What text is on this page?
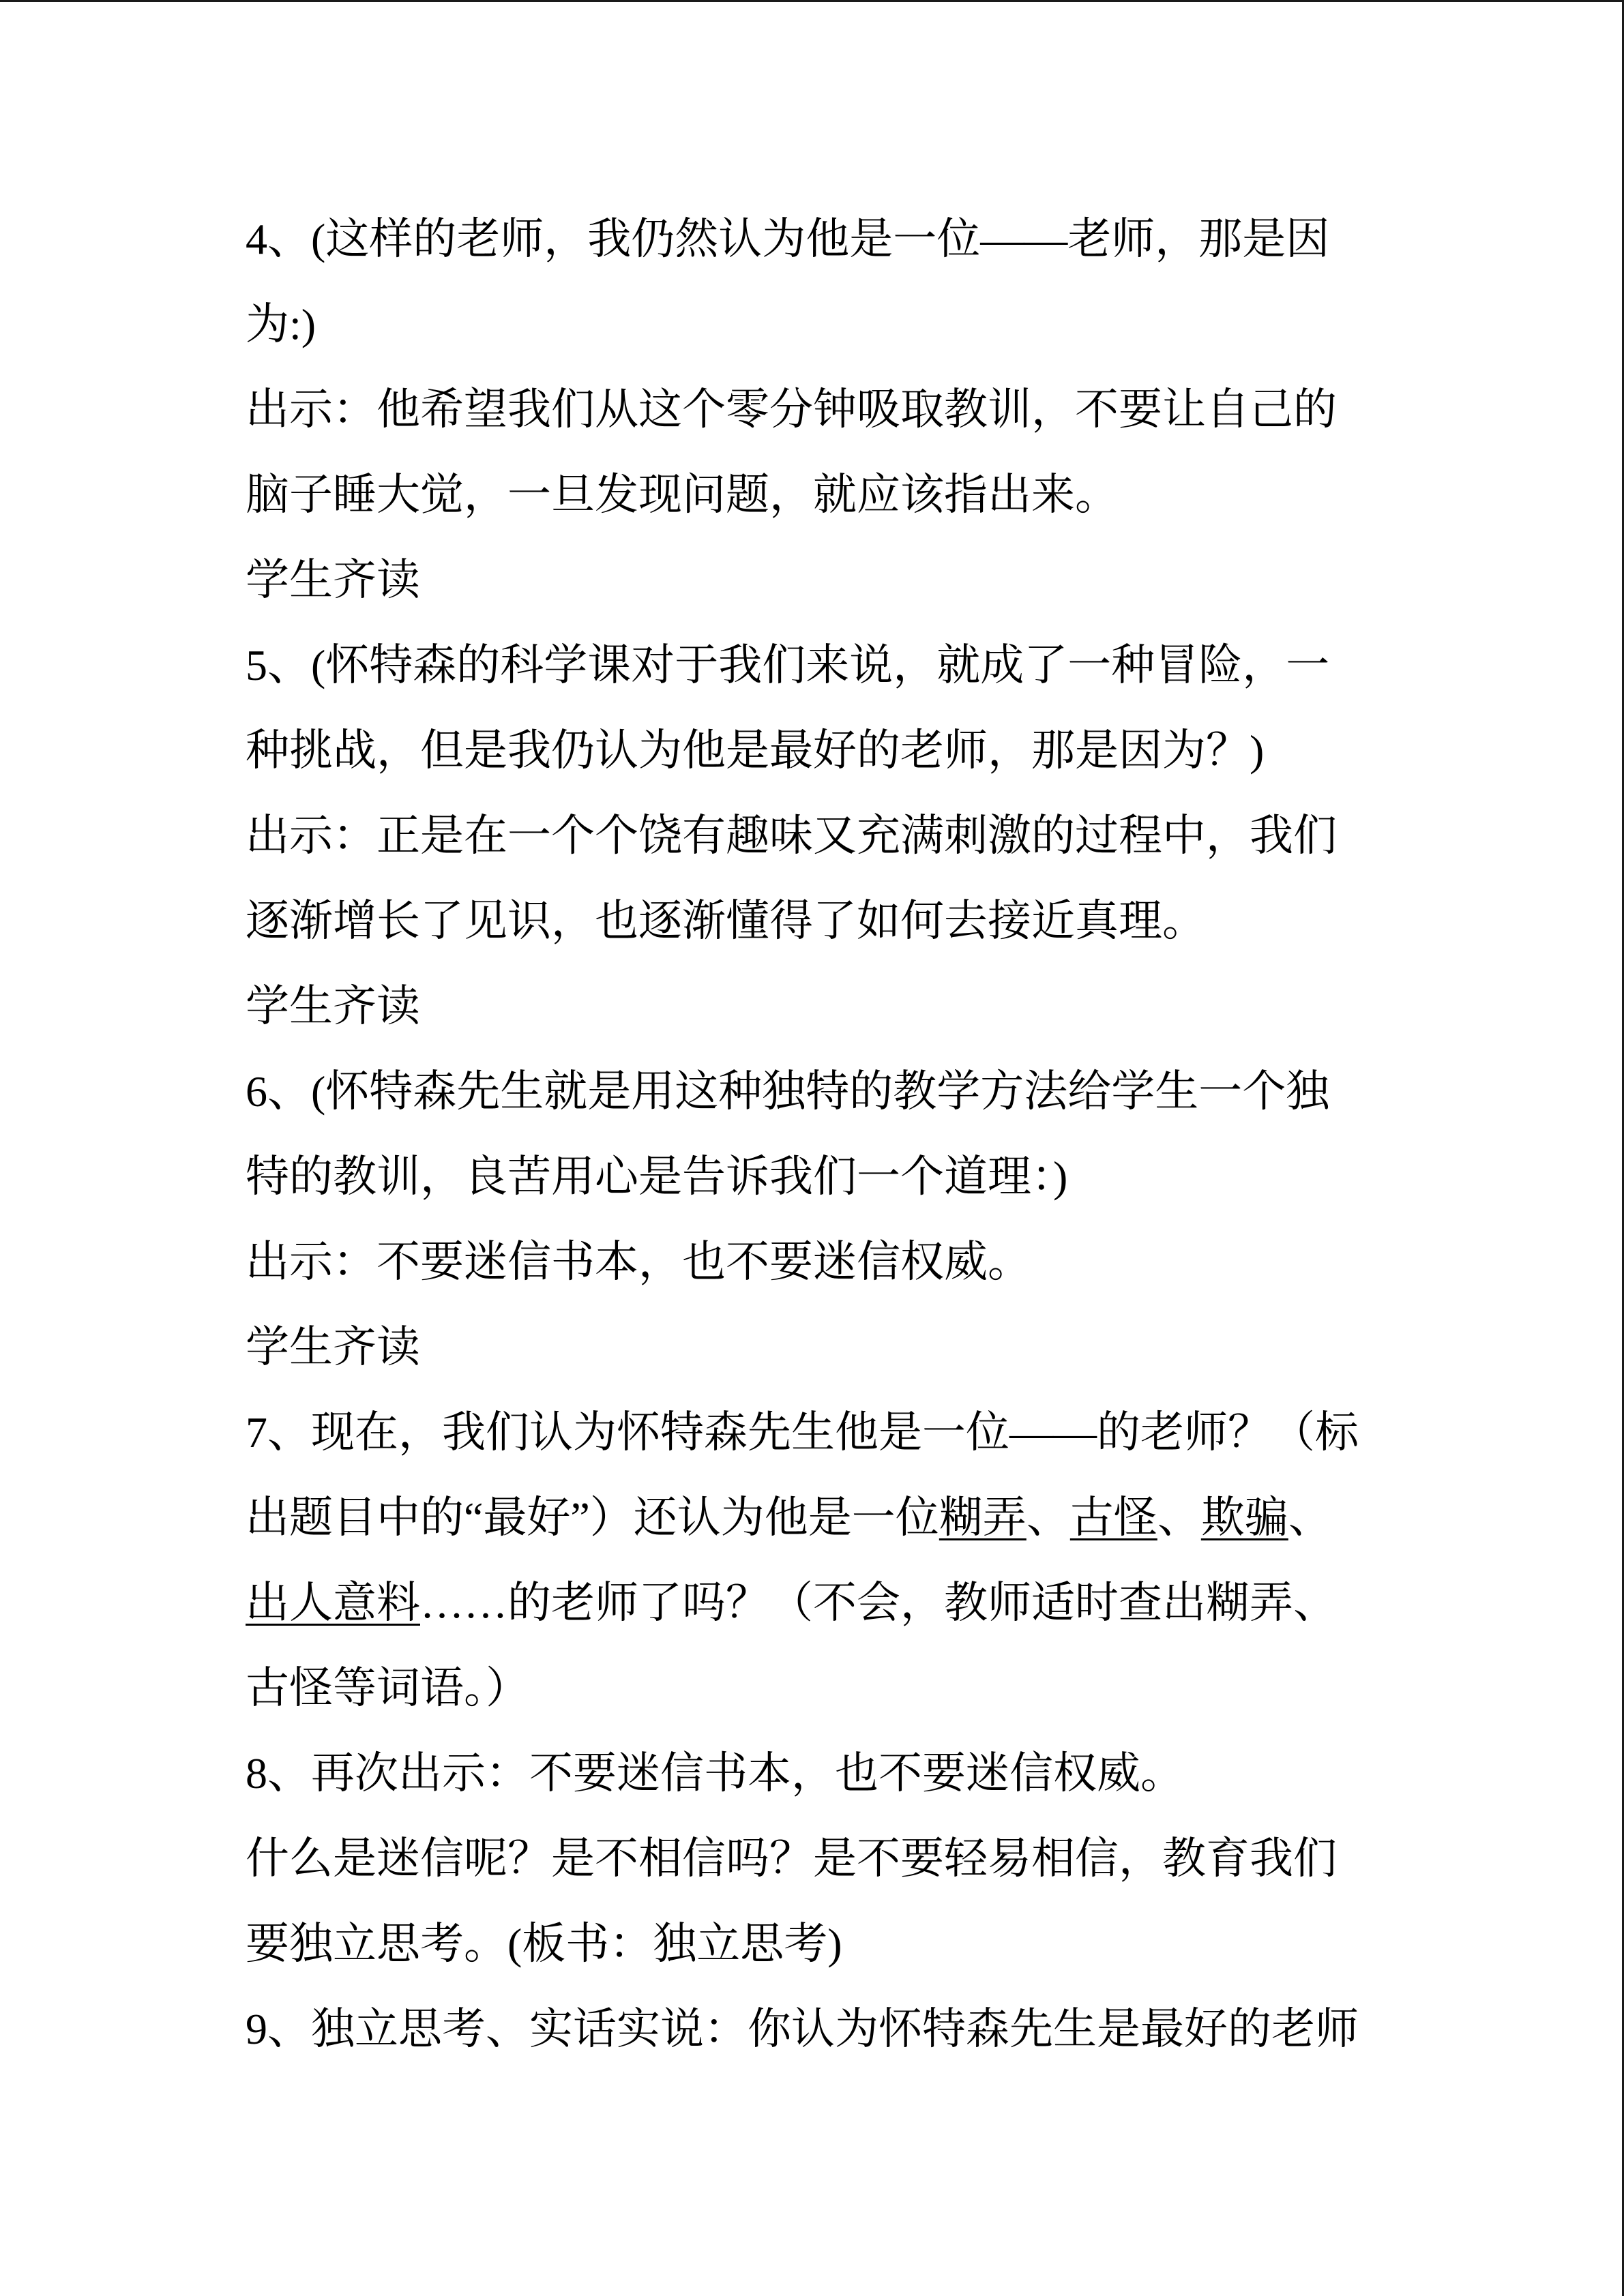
4、(这样的老师，我仍然认为他是一位——老师，那是因
为:)
出示：他希望我们从这个零分钟吸取教训，不要让自己的
脑子睡大觉，一旦发现问题，就应该指出来。
学生齐读
5、(怀特森的科学课对于我们来说，就成了一种冒险，一
种挑战，但是我仍认为他是最好的老师，那是因为？)
出示：正是在一个个饶有趣味又充满刺激的过程中，我们
逐渐增长了见识，也逐渐懂得了如何去接近真理。
学生齐读
6、(怀特森先生就是用这种独特的教学方法给学生一个独
特的教训，良苦用心是告诉我们一个道理：)
出示：不要迷信书本，也不要迷信权威。
学生齐读
7、现在，我们认为怀特森先生他是一位——的老师？（标
出题目中的“最好”）还认为他是一位糊弄、古怪、欺骗、
出人意料……的老师了吗？（不会，教师适时查出糊弄、
古怪等词语。）
8、再次出示：不要迷信书本，也不要迷信权威。
什么是迷信呢？是不相信吗？是不要轻易相信，教育我们
要独立思考。(板书：独立思考)
9、独立思考、实话实说：你认为怀特森先生是最好的老师
